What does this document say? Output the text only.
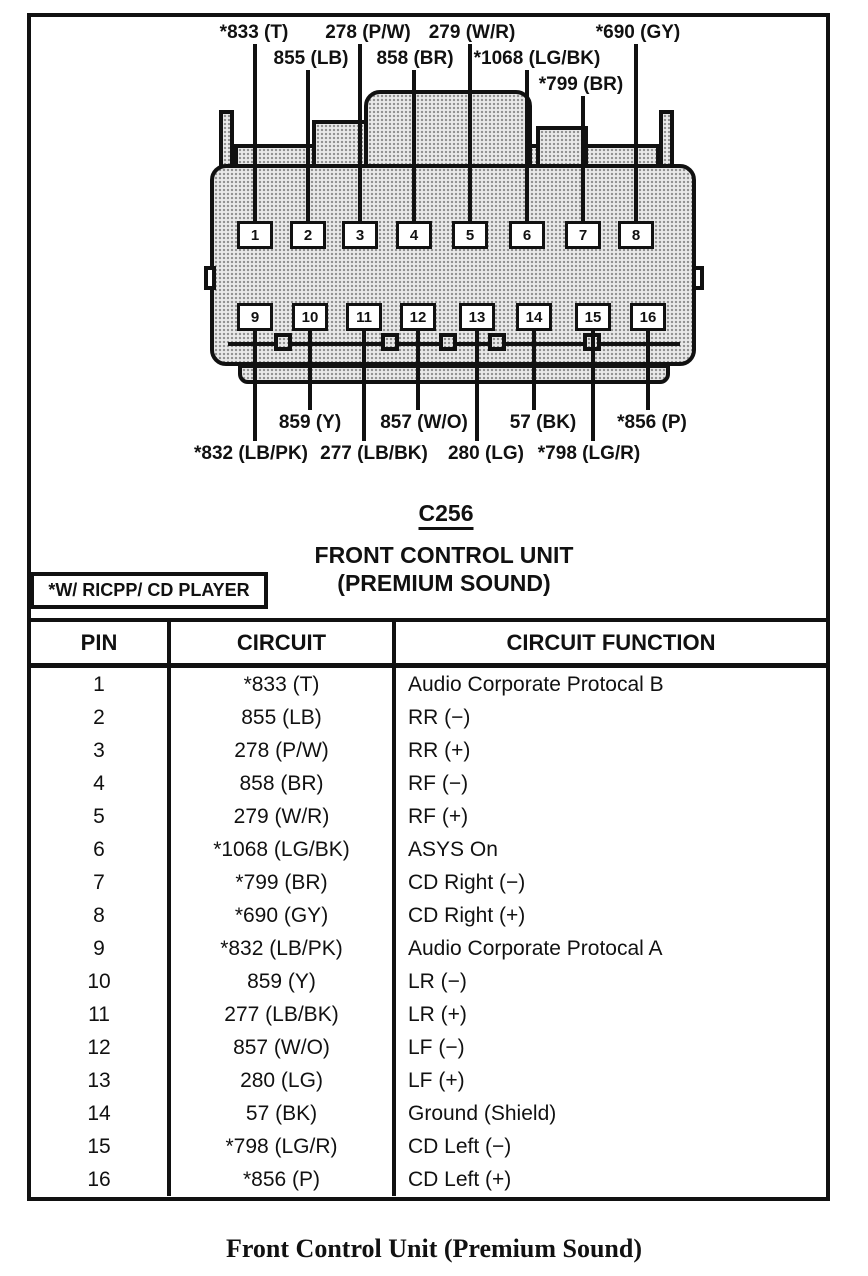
*833 (T)
855 (LB)
278 (P/W)
858 (BR)
279 (W/R)
*1068 (LG/BK)
*799 (BR)
*690 (GY)
1	2	3	4	5	6	7	8
9	10	11	12	13	14	15	16
859 (Y) 857 (W/O) 57 (BK) *856 (P)
*832 (LB/PK) 277 (LB/BK) 280 (LG) *798 (LG/R)
C256
FRONT CONTROL UNIT
(PREMIUM SOUND)
*W/ RICPP/ CD PLAYER
PIN	CIRCUIT	CIRCUIT FUNCTION
1	*833 (T)	Audio Corporate Protocal B
2	855 (LB)	RR (−)
3	278 (P/W)	RR (+)
4	858 (BR)	RF (−)
5	279 (W/R)	RF (+)
6	*1068 (LG/BK)	ASYS On
7	*799 (BR)	CD Right (−)
8	*690 (GY)	CD Right (+)
9	*832 (LB/PK)	Audio Corporate Protocal A
10	859 (Y)	LR (−)
11	277 (LB/BK)	LR (+)
12	857 (W/O)	LF (−)
13	280 (LG)	LF (+)
14	57 (BK)	Ground (Shield)
15	*798 (LG/R)	CD Left (−)
16	*856 (P)	CD Left (+)
Front Control Unit (Premium Sound)
